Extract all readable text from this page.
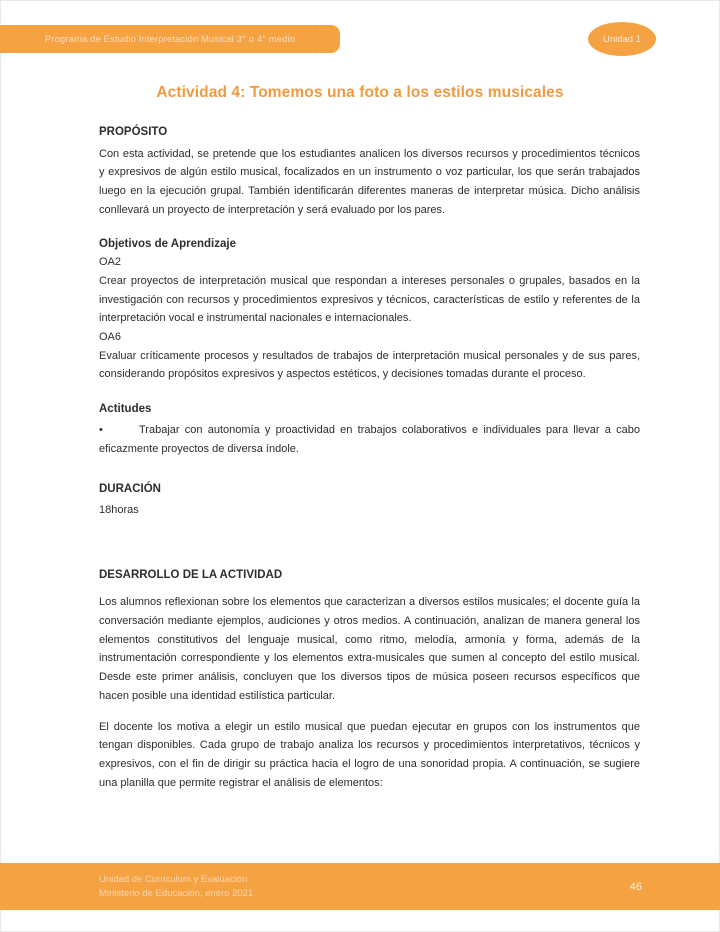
Programa de Estudio Interpretación Musical 3° o 4° medio	Unidad 1
Actividad 4: Tomemos una foto a los estilos musicales
PROPÓSITO

Con esta actividad, se pretende que los estudiantes analicen los diversos recursos y procedimientos técnicos y expresivos de algún estilo musical, focalizados en un instrumento o voz particular, los que serán trabajados luego en la ejecución grupal. También identificarán diferentes maneras de interpretar música. Dicho análisis conllevará un proyecto de interpretación y será evaluado por los pares.

Objetivos de Aprendizaje
OA2

Crear proyectos de interpretación musical que respondan a intereses personales o grupales, basados en la investigación con recursos y procedimientos expresivos y técnicos, características de estilo y referentes de la interpretación vocal e instrumental nacionales e internacionales.

OA6

Evaluar críticamente procesos y resultados de trabajos de interpretación musical personales y de sus pares, considerando propósitos expresivos y aspectos estéticos, y decisiones tomadas durante el proceso.

Actitudes

•	Trabajar con autonomía y proactividad en trabajos colaborativos e individuales para llevar a cabo eficazmente proyectos de diversa índole.

DURACIÓN

18horas

DESARROLLO DE LA ACTIVIDAD

Los alumnos reflexionan sobre los elementos que caracterizan a diversos estilos musicales; el docente guía la conversación mediante ejemplos, audiciones y otros medios. A continuación, analizan de manera general los elementos constitutivos del lenguaje musical, como ritmo, melodía, armonía y forma, además de la instrumentación correspondiente y los elementos extra-musicales que sumen al concepto del estilo musical. Desde este primer análisis, concluyen que los diversos tipos de música poseen recursos específicos que hacen posible una identidad estilística particular.

El docente los motiva a elegir un estilo musical que puedan ejecutar en grupos con los instrumentos que tengan disponibles. Cada grupo de trabajo analiza los recursos y procedimientos interpretativos, técnicos y expresivos, con el fin de dirigir su práctica hacia el logro de una sonoridad propia. A continuación, se sugiere una planilla que permite registrar el análisis de elementos:

Unidad de Curriculum y Evaluación
Ministerio de Educación, enero 2021
46
